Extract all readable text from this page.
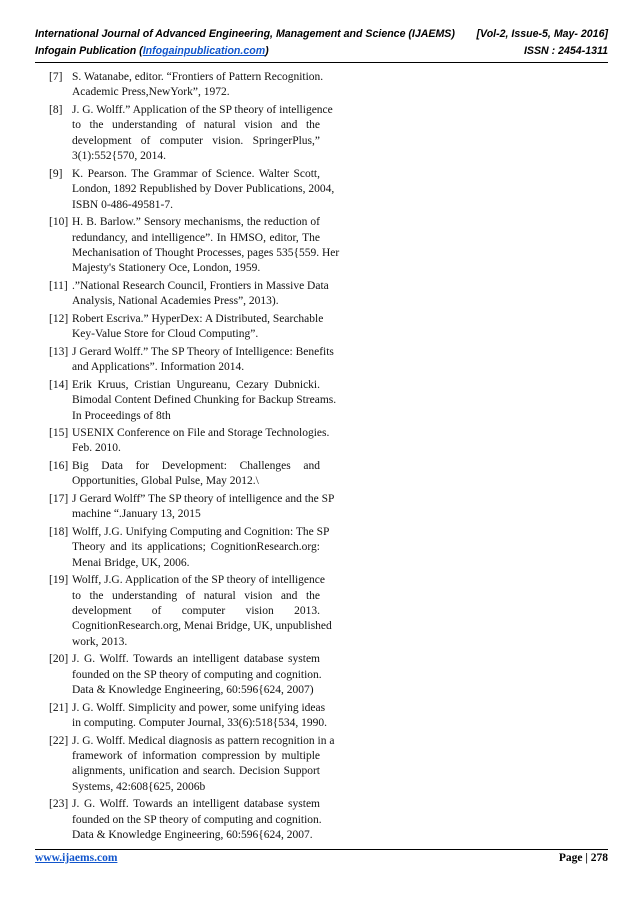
International Journal of Advanced Engineering, Management and Science (IJAEMS) [Vol-2, Issue-5, May- 2016]
Infogain Publication (Infogainpublication.com)	ISSN : 2454-1311
[7] S. Watanabe, editor. “Frontiers of Pattern Recognition.
Academic Press,NewYork”, 1972.
[8] J. G. Wolff.” Application of the SP theory of intelligence
to the understanding of natural vision and the
development of computer vision. SpringerPlus,”
3(1):552{570, 2014.
[9] K. Pearson. The Grammar of Science. Walter Scott,
London, 1892 Republished by Dover Publications, 2004,
ISBN 0-486-49581-7.
[10] H. B. Barlow.” Sensory mechanisms, the reduction of
redundancy, and intelligence”. In HMSO, editor, The
Mechanisation of Thought Processes, pages 535{559. Her
Majesty's Stationery Oce, London, 1959.
[11] .”National Research Council, Frontiers in Massive Data
Analysis, National Academies Press”, 2013).
[12] Robert Escriva.” HyperDex: A Distributed, Searchable
Key-Value Store for Cloud Computing”.
[13] J Gerard Wolff.” The SP Theory of Intelligence: Benefits
and Applications”. Information 2014.
[14] Erik Kruus, Cristian Ungureanu, Cezary Dubnicki.
Bimodal Content Defined Chunking for Backup Streams.
In Proceedings of 8th
[15] USENIX Conference on File and Storage Technologies.
Feb. 2010.
[16] Big Data for Development: Challenges and
Opportunities, Global Pulse, May 2012.\
[17] J Gerard Wolff” The SP theory of intelligence and the SP
machine “.January 13, 2015
[18] Wolff, J.G. Unifying Computing and Cognition: The SP
Theory and its applications; CognitionResearch.org:
Menai Bridge, UK, 2006.
[19] Wolff, J.G. Application of the SP theory of intelligence
to the understanding of natural vision and the
development of computer vision 2013.
CognitionResearch.org, Menai Bridge, UK, unpublished
work, 2013.
[20] J. G. Wolff. Towards an intelligent database system
founded on the SP theory of computing and cognition.
Data & Knowledge Engineering, 60:596{624, 2007)
[21] J. G. Wolff. Simplicity and power, some unifying ideas
in computing. Computer Journal, 33(6):518{534, 1990.
[22] J. G. Wolff. Medical diagnosis as pattern recognition in a
framework of information compression by multiple
alignments, unification and search. Decision Support
Systems, 42:608{625, 2006b
[23] J. G. Wolff. Towards an intelligent database system
founded on the SP theory of computing and cognition.
Data & Knowledge Engineering, 60:596{624, 2007.
www.ijaems.com	Page | 278
